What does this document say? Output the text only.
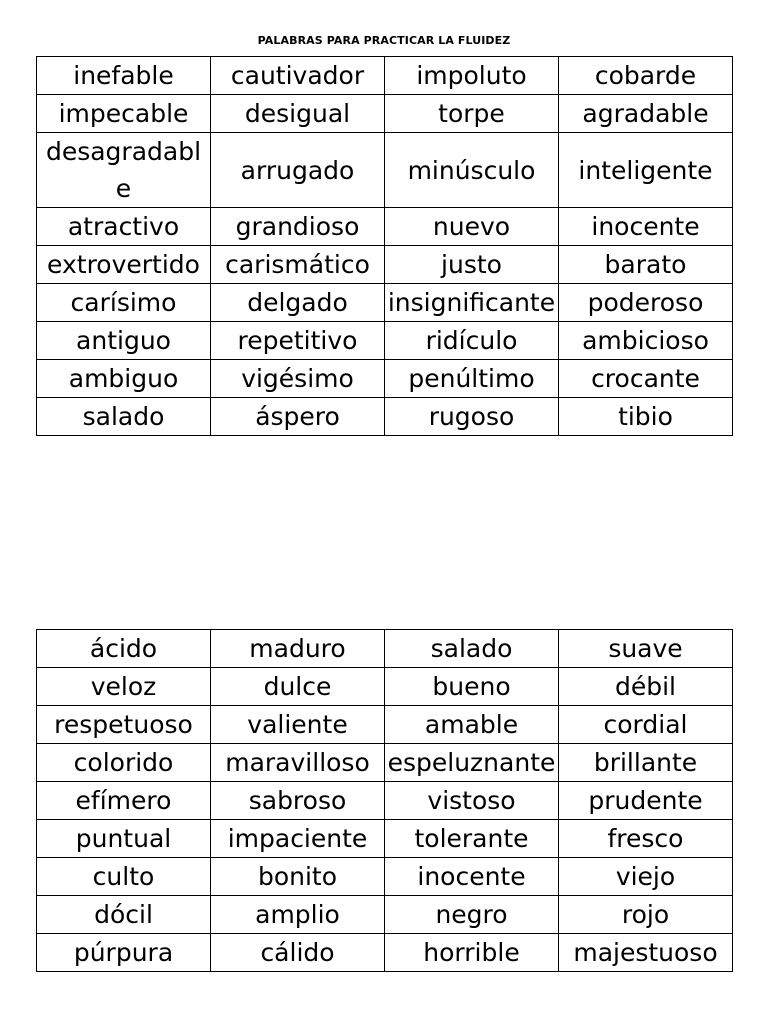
PALABRAS PARA PRACTICAR LA FLUIDEZ
inefable	cautivador	impoluto	cobarde
impecable	desigual	torpe	agradable
desagradable	arrugado	minúsculo	inteligente
atractivo	grandioso	nuevo	inocente
extrovertido	carismático	justo	barato
carísimo	delgado	insignificante	poderoso
antiguo	repetitivo	ridículo	ambicioso
ambiguo	vigésimo	penúltimo	crocante
salado	áspero	rugoso	tibio
ácido	maduro	salado	suave
veloz	dulce	bueno	débil
respetuoso	valiente	amable	cordial
colorido	maravilloso	espeluznante	brillante
efímero	sabroso	vistoso	prudente
puntual	impaciente	tolerante	fresco
culto	bonito	inocente	viejo
dócil	amplio	negro	rojo
púrpura	cálido	horrible	majestuoso
